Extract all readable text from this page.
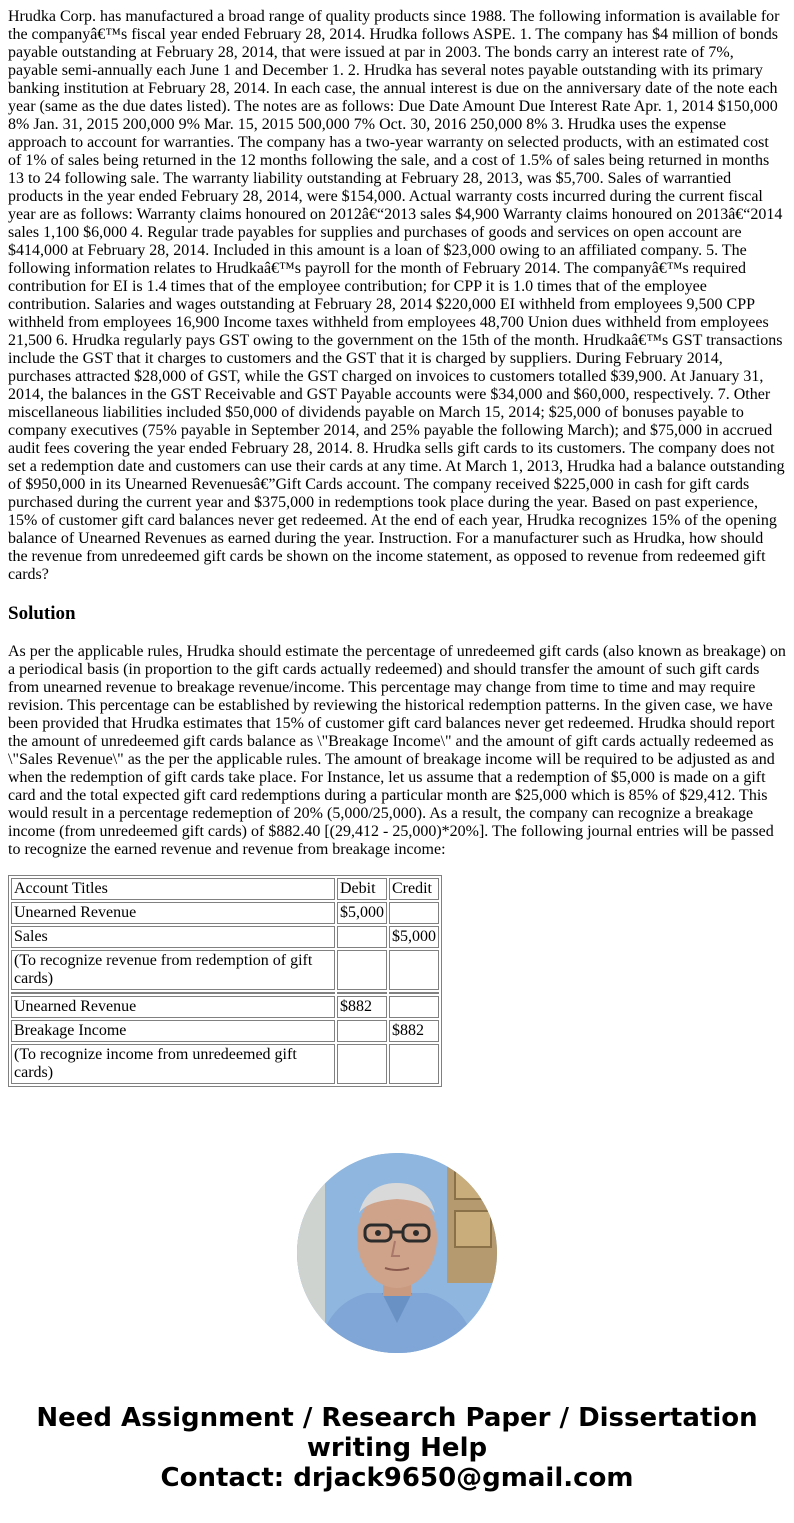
Hrudka Corp. has manufactured a broad range of quality products since 1988. The following information is available for the companyâ€™s fiscal year ended February 28, 2014. Hrudka follows ASPE. 1. The company has $4 million of bonds payable outstanding at February 28, 2014, that were issued at par in 2003. The bonds carry an interest rate of 7%, payable semi-annually each June 1 and December 1. 2. Hrudka has several notes payable outstanding with its primary banking institution at February 28, 2014. In each case, the annual interest is due on the anniversary date of the note each year (same as the due dates listed). The notes are as follows: Due Date Amount Due Interest Rate Apr. 1, 2014 $150,000 8% Jan. 31, 2015 200,000 9% Mar. 15, 2015 500,000 7% Oct. 30, 2016 250,000 8% 3. Hrudka uses the expense approach to account for warranties. The company has a two-year warranty on selected products, with an estimated cost of 1% of sales being returned in the 12 months following the sale, and a cost of 1.5% of sales being returned in months 13 to 24 following sale. The warranty liability outstanding at February 28, 2013, was $5,700. Sales of warrantied products in the year ended February 28, 2014, were $154,000. Actual warranty costs incurred during the current fiscal year are as follows: Warranty claims honoured on 2012â€“2013 sales $4,900 Warranty claims honoured on 2013â€“2014 sales 1,100 $6,000 4. Regular trade payables for supplies and purchases of goods and services on open account are $414,000 at February 28, 2014. Included in this amount is a loan of $23,000 owing to an affiliated company. 5. The following information relates to Hrudkaâ€™s payroll for the month of February 2014. The companyâ€™s required contribution for EI is 1.4 times that of the employee contribution; for CPP it is 1.0 times that of the employee contribution. Salaries and wages outstanding at February 28, 2014 $220,000 EI withheld from employees 9,500 CPP withheld from employees 16,900 Income taxes withheld from employees 48,700 Union dues withheld from employees 21,500 6. Hrudka regularly pays GST owing to the government on the 15th of the month. Hrudkaâ€™s GST transactions include the GST that it charges to customers and the GST that it is charged by suppliers. During February 2014, purchases attracted $28,000 of GST, while the GST charged on invoices to customers totalled $39,900. At January 31, 2014, the balances in the GST Receivable and GST Payable accounts were $34,000 and $60,000, respectively. 7. Other miscellaneous liabilities included $50,000 of dividends payable on March 15, 2014; $25,000 of bonuses payable to company executives (75% payable in September 2014, and 25% payable the following March); and $75,000 in accrued audit fees covering the year ended February 28, 2014. 8. Hrudka sells gift cards to its customers. The company does not set a redemption date and customers can use their cards at any time. At March 1, 2013, Hrudka had a balance outstanding of $950,000 in its Unearned Revenuesâ€”Gift Cards account. The company received $225,000 in cash for gift cards purchased during the current year and $375,000 in redemptions took place during the year. Based on past experience, 15% of customer gift card balances never get redeemed. At the end of each year, Hrudka recognizes 15% of the opening balance of Unearned Revenues as earned during the year. Instruction. For a manufacturer such as Hrudka, how should the revenue from unredeemed gift cards be shown on the income statement, as opposed to revenue from redeemed gift cards?

Solution

As per the applicable rules, Hrudka should estimate the percentage of unredeemed gift cards (also known as breakage) on a periodical basis (in proportion to the gift cards actually redeemed) and should transfer the amount of such gift cards from unearned revenue to breakage revenue/income. This percentage may change from time to time and may require revision. This percentage can be established by reviewing the historical redemption patterns. In the given case, we have been provided that Hrudka estimates that 15% of customer gift card balances never get redeemed. Hrudka should report the amount of unredeemed gift cards balance as \"Breakage Income\" and the amount of gift cards actually redeemed as \"Sales Revenue\" as the per the applicable rules. The amount of breakage income will be required to be adjusted as and when the redemption of gift cards take place. For Instance, let us assume that a redemption of $5,000 is made on a gift card and the total expected gift card redemptions during a particular month are $25,000 which is 85% of $29,412. This would result in a percentage redemeption of 20% (5,000/25,000). As a result, the company can recognize a breakage income (from unredeemed gift cards) of $882.40 [(29,412 - 25,000)*20%]. The following journal entries will be passed to recognize the earned revenue and revenue from breakage income:

Account Titles	Debit	Credit
Unearned Revenue	$5,000	
Sales		$5,000
(To recognize revenue from redemption of gift cards)		

Unearned Revenue	$882	
Breakage Income		$882
(To recognize income from unredeemed gift cards)		
Need Assignment / Research Paper / Dissertation writing Help
Contact: drjack9650@gmail.com
